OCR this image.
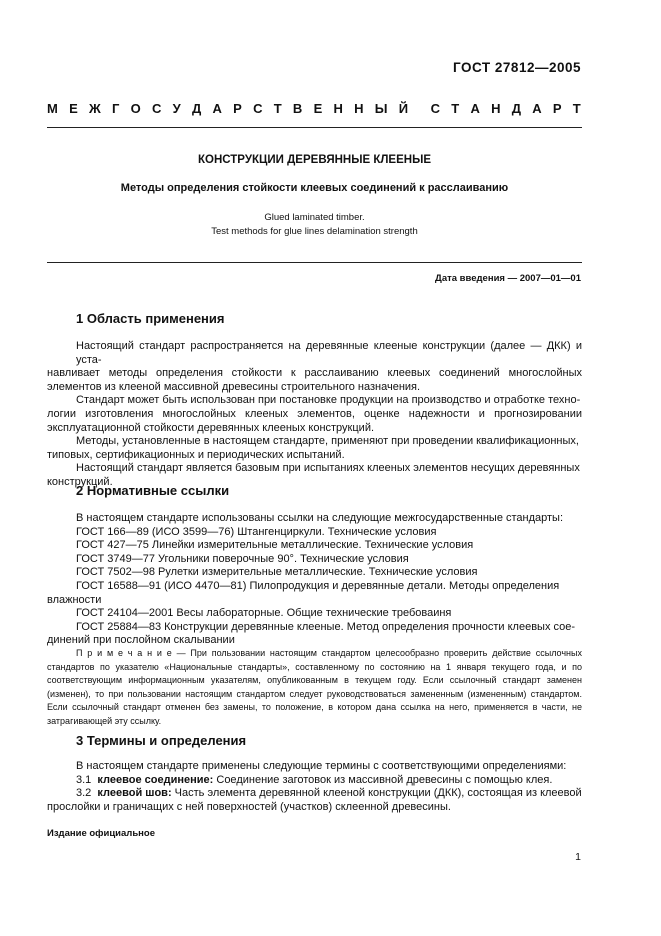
ГОСТ 27812—2005
М Е Ж Г О С У Д А Р С Т В Е Н Н Ы Й С Т А Н Д А Р Т
КОНСТРУКЦИИ ДЕРЕВЯННЫЕ КЛЕЕНЫЕ
Методы определения стойкости клеевых соединений к расслаиванию
Glued laminated timber.
Test methods for glue lines delamination strength
Дата введения — 2007—01—01
1 Область применения

Настоящий стандарт распространяется на деревянные клееные конструкции (далее — ДКК) и уста-

навливает методы определения стойкости к расслаиванию клеевых соединений многослойных элементов из клееной массивной древесины строительного назначения.

Стандарт может быть использован при постановке продукции на производство и отработке техно-

логии изготовления многослойных клееных элементов, оценке надежности и прогнозировании эксплуатационной стойкости деревянных клееных конструкций.

Методы, установленные в настоящем стандарте, применяют при проведении квалификационных,

типовых, сертификационных и периодических испытаний.

Настоящий стандарт является базовым при испытаниях клееных элементов несущих деревянных

конструкций.

2 Нормативные ссылки

В настоящем стандарте использованы ссылки на следующие межгосударственные стандарты:

ГОСТ 166—89 (ИСО 3599—76) Штангенциркули. Технические условия

ГОСТ 427—75 Линейки измерительные металлические. Технические условия

ГОСТ 3749—77 Угольники поверочные 90°. Технические условия

ГОСТ 7502—98 Рулетки измерительные металлические. Технические условия

ГОСТ 16588—91 (ИСО 4470—81) Пилопродукция и деревянные детали. Методы определения

влажности

ГОСТ 24104—2001 Весы лабораторные. Общие технические требоваиня

ГОСТ 25884—83 Конструкции деревянные клееные. Метод определения прочности клеевых сое-

динений при послойном скалывании

П р и м е ч а н и е — При пользовании настоящим стандартом целесообразно проверить действие ссылочных стандартов по указателю «Национальные стандарты», составленному по состоянию на 1 января текущего года, и по соответствующим информационным указателям, опубликованным в текущем году. Если ссылочный стандарт заменен (изменен), то при пользовании настоящим стандартом следует руководствоваться замененным (измененным) стандартом. Если ссылочный стандарт отменен без замены, то положение, в котором дана ссылка на него, применяется в части, не затрагивающей эту ссылку.

3 Термины и определения

В настоящем стандарте применены следующие термины с соответствующими определениями:

3.1 клеевое соединение: Соединение заготовок из массивной древесины с помощью клея.

3.2 клеевой шов: Часть элемента деревянной клееной конструкции (ДКК), состоящая из клеевой

прослойки и граничащих с ней поверхностей (участков) склеенной древесины.

Издание официальное
1
